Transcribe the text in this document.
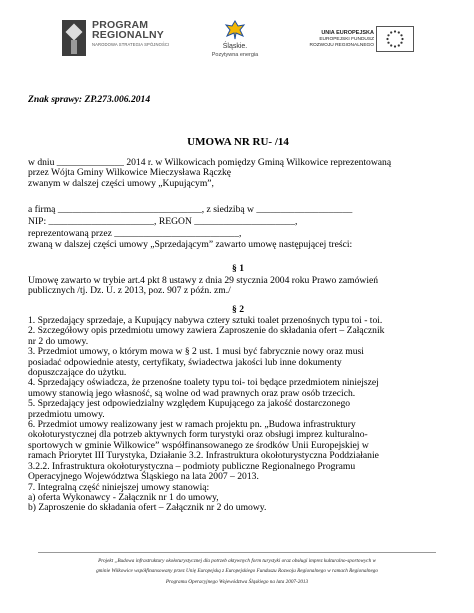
PROGRAM
REGIONALNY
NARODOWA STRATEGIA SPÓJNOŚCI	Śląskie.
Pozytywna energia
UNIA EUROPEJSKA
EUROPEJSKI FUNDUSZ
ROZWOJU REGIONALNEGO
Znak sprawy: ZP.273.006.2014
UMOWA NR RU- /14
w dniu ______________ 2014 r. w Wilkowicach pomiędzy Gminą Wilkowice reprezentowaną
przez Wójta Gminy Wilkowice Mieczysława Rączkę
zwanym w dalszej części umowy „Kupującym”,
a firmą ______________________________, z siedzibą w ____________________
NIP: ______________________, REGON _____________________,
reprezentowaną przez __________________________,
zwaną w dalszej części umowy „Sprzedającym” zawarto umowę następującej treści:
§ 1
Umowę zawarto w trybie art.4 pkt 8 ustawy z dnia 29 stycznia 2004 roku Prawo zamówień
publicznych /tj. Dz. U. z 2013, poz. 907 z późn. zm./
§ 2
1. Sprzedający sprzedaje, a Kupujący nabywa cztery sztuki toalet przenośnych typu toi - toi.
2. Szczegółowy opis przedmiotu umowy zawiera Zaproszenie do składania ofert – Załącznik
nr 2 do umowy.
3. Przedmiot umowy, o którym mowa w § 2 ust. 1 musi być fabrycznie nowy oraz musi
posiadać odpowiednie atesty, certyfikaty, świadectwa jakości lub inne dokumenty
dopuszczające do użytku.
4. Sprzedający oświadcza, że przenośne toalety typu toi- toi będące przedmiotem niniejszej
umowy stanowią jego własność, są wolne od wad prawnych oraz praw osób trzecich.
5. Sprzedający jest odpowiedzialny względem Kupującego za jakość dostarczonego
przedmiotu umowy.
6. Przedmiot umowy realizowany jest w ramach projektu pn. „Budowa infrastruktury
okołoturystycznej dla potrzeb aktywnych form turystyki oraz obsługi imprez kulturalno-
sportowych w gminie Wilkowice” współfinansowanego ze środków Unii Europejskiej w
ramach Priorytet III Turystyka, Działanie 3.2. Infrastruktura okołoturystyczna Poddziałanie
3.2.2. Infrastruktura okołoturystyczna – podmioty publiczne Regionalnego Programu
Operacyjnego Województwa Śląskiego na lata 2007 – 2013.
7. Integralną część niniejszej umowy stanowią:
a) oferta Wykonawcy - Załącznik nr 1 do umowy,
b) Zaproszenie do składania ofert – Załącznik nr 2 do umowy.
Projekt „Budowa infrastruktury okołoturystycznej dla potrzeb aktywnych form turystyki oraz obsługi imprez kulturalno-sportowych w
gminie Wilkowice współfinansowany przez Unię Europejską z Europejskiego Funduszu Rozwoju Regionalnego w ramach Regionalnego
Programu Operacyjnego Województwa Śląskiego na lata 2007-2013
